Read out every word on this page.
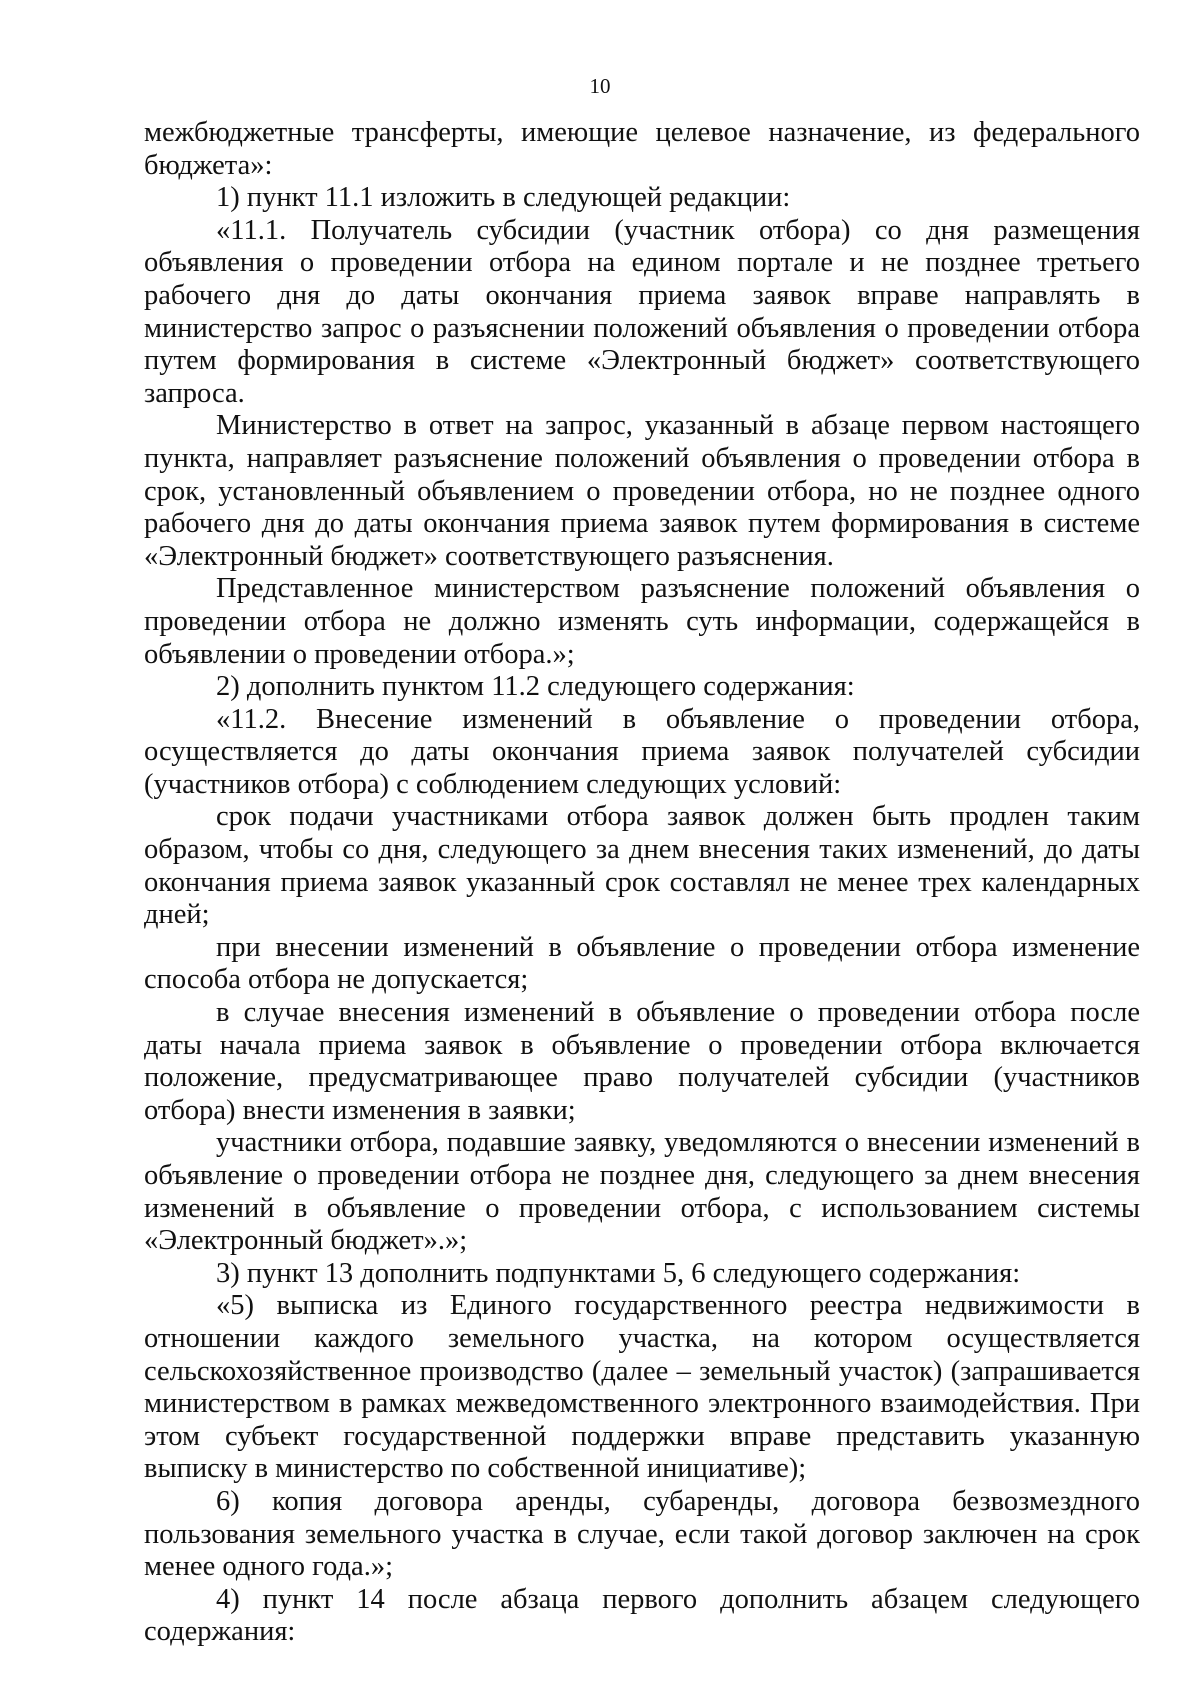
10

межбюджетные трансферты, имеющие целевое назначение, из федерального бюджета»:

1) пункт 11.1 изложить в следующей редакции:

«11.1. Получатель субсидии (участник отбора) со дня размещения объявления о проведении отбора на едином портале и не позднее третьего рабочего дня до даты окончания приема заявок вправе направлять в министерство запрос о разъяснении положений объявления о проведении отбора путем формирования в системе «Электронный бюджет» соответствующего запроса.

Министерство в ответ на запрос, указанный в абзаце первом настоящего пункта, направляет разъяснение положений объявления о проведении отбора в срок, установленный объявлением о проведении отбора, но не позднее одного рабочего дня до даты окончания приема заявок путем формирования в системе «Электронный бюджет» соответствующего разъяснения.

Представленное министерством разъяснение положений объявления о проведении отбора не должно изменять суть информации, содержащейся в объявлении о проведении отбора.»;

2) дополнить пунктом 11.2 следующего содержания:

«11.2. Внесение изменений в объявление о проведении отбора, осуществляется до даты окончания приема заявок получателей субсидии (участников отбора) с соблюдением следующих условий:

срок подачи участниками отбора заявок должен быть продлен таким образом, чтобы со дня, следующего за днем внесения таких изменений, до даты окончания приема заявок указанный срок составлял не менее трех календарных дней;

при внесении изменений в объявление о проведении отбора изменение способа отбора не допускается;

в случае внесения изменений в объявление о проведении отбора после даты начала приема заявок в объявление о проведении отбора включается положение, предусматривающее право получателей субсидии (участников отбора) внести изменения в заявки;

участники отбора, подавшие заявку, уведомляются о внесении изменений в объявление о проведении отбора не позднее дня, следующего за днем внесения изменений в объявление о проведении отбора, с использованием системы «Электронный бюджет».»;

3) пункт 13 дополнить подпунктами 5, 6 следующего содержания:

«5) выписка из Единого государственного реестра недвижимости в отношении каждого земельного участка, на котором осуществляется сельскохозяйственное производство (далее – земельный участок) (запрашивается министерством в рамках межведомственного электронного взаимодействия. При этом субъект государственной поддержки вправе представить указанную выписку в министерство по собственной инициативе);

6) копия договора аренды, субаренды, договора безвозмездного пользования земельного участка в случае, если такой договор заключен на срок менее одного года.»;

4) пункт 14 после абзаца первого дополнить абзацем следующего содержания:
